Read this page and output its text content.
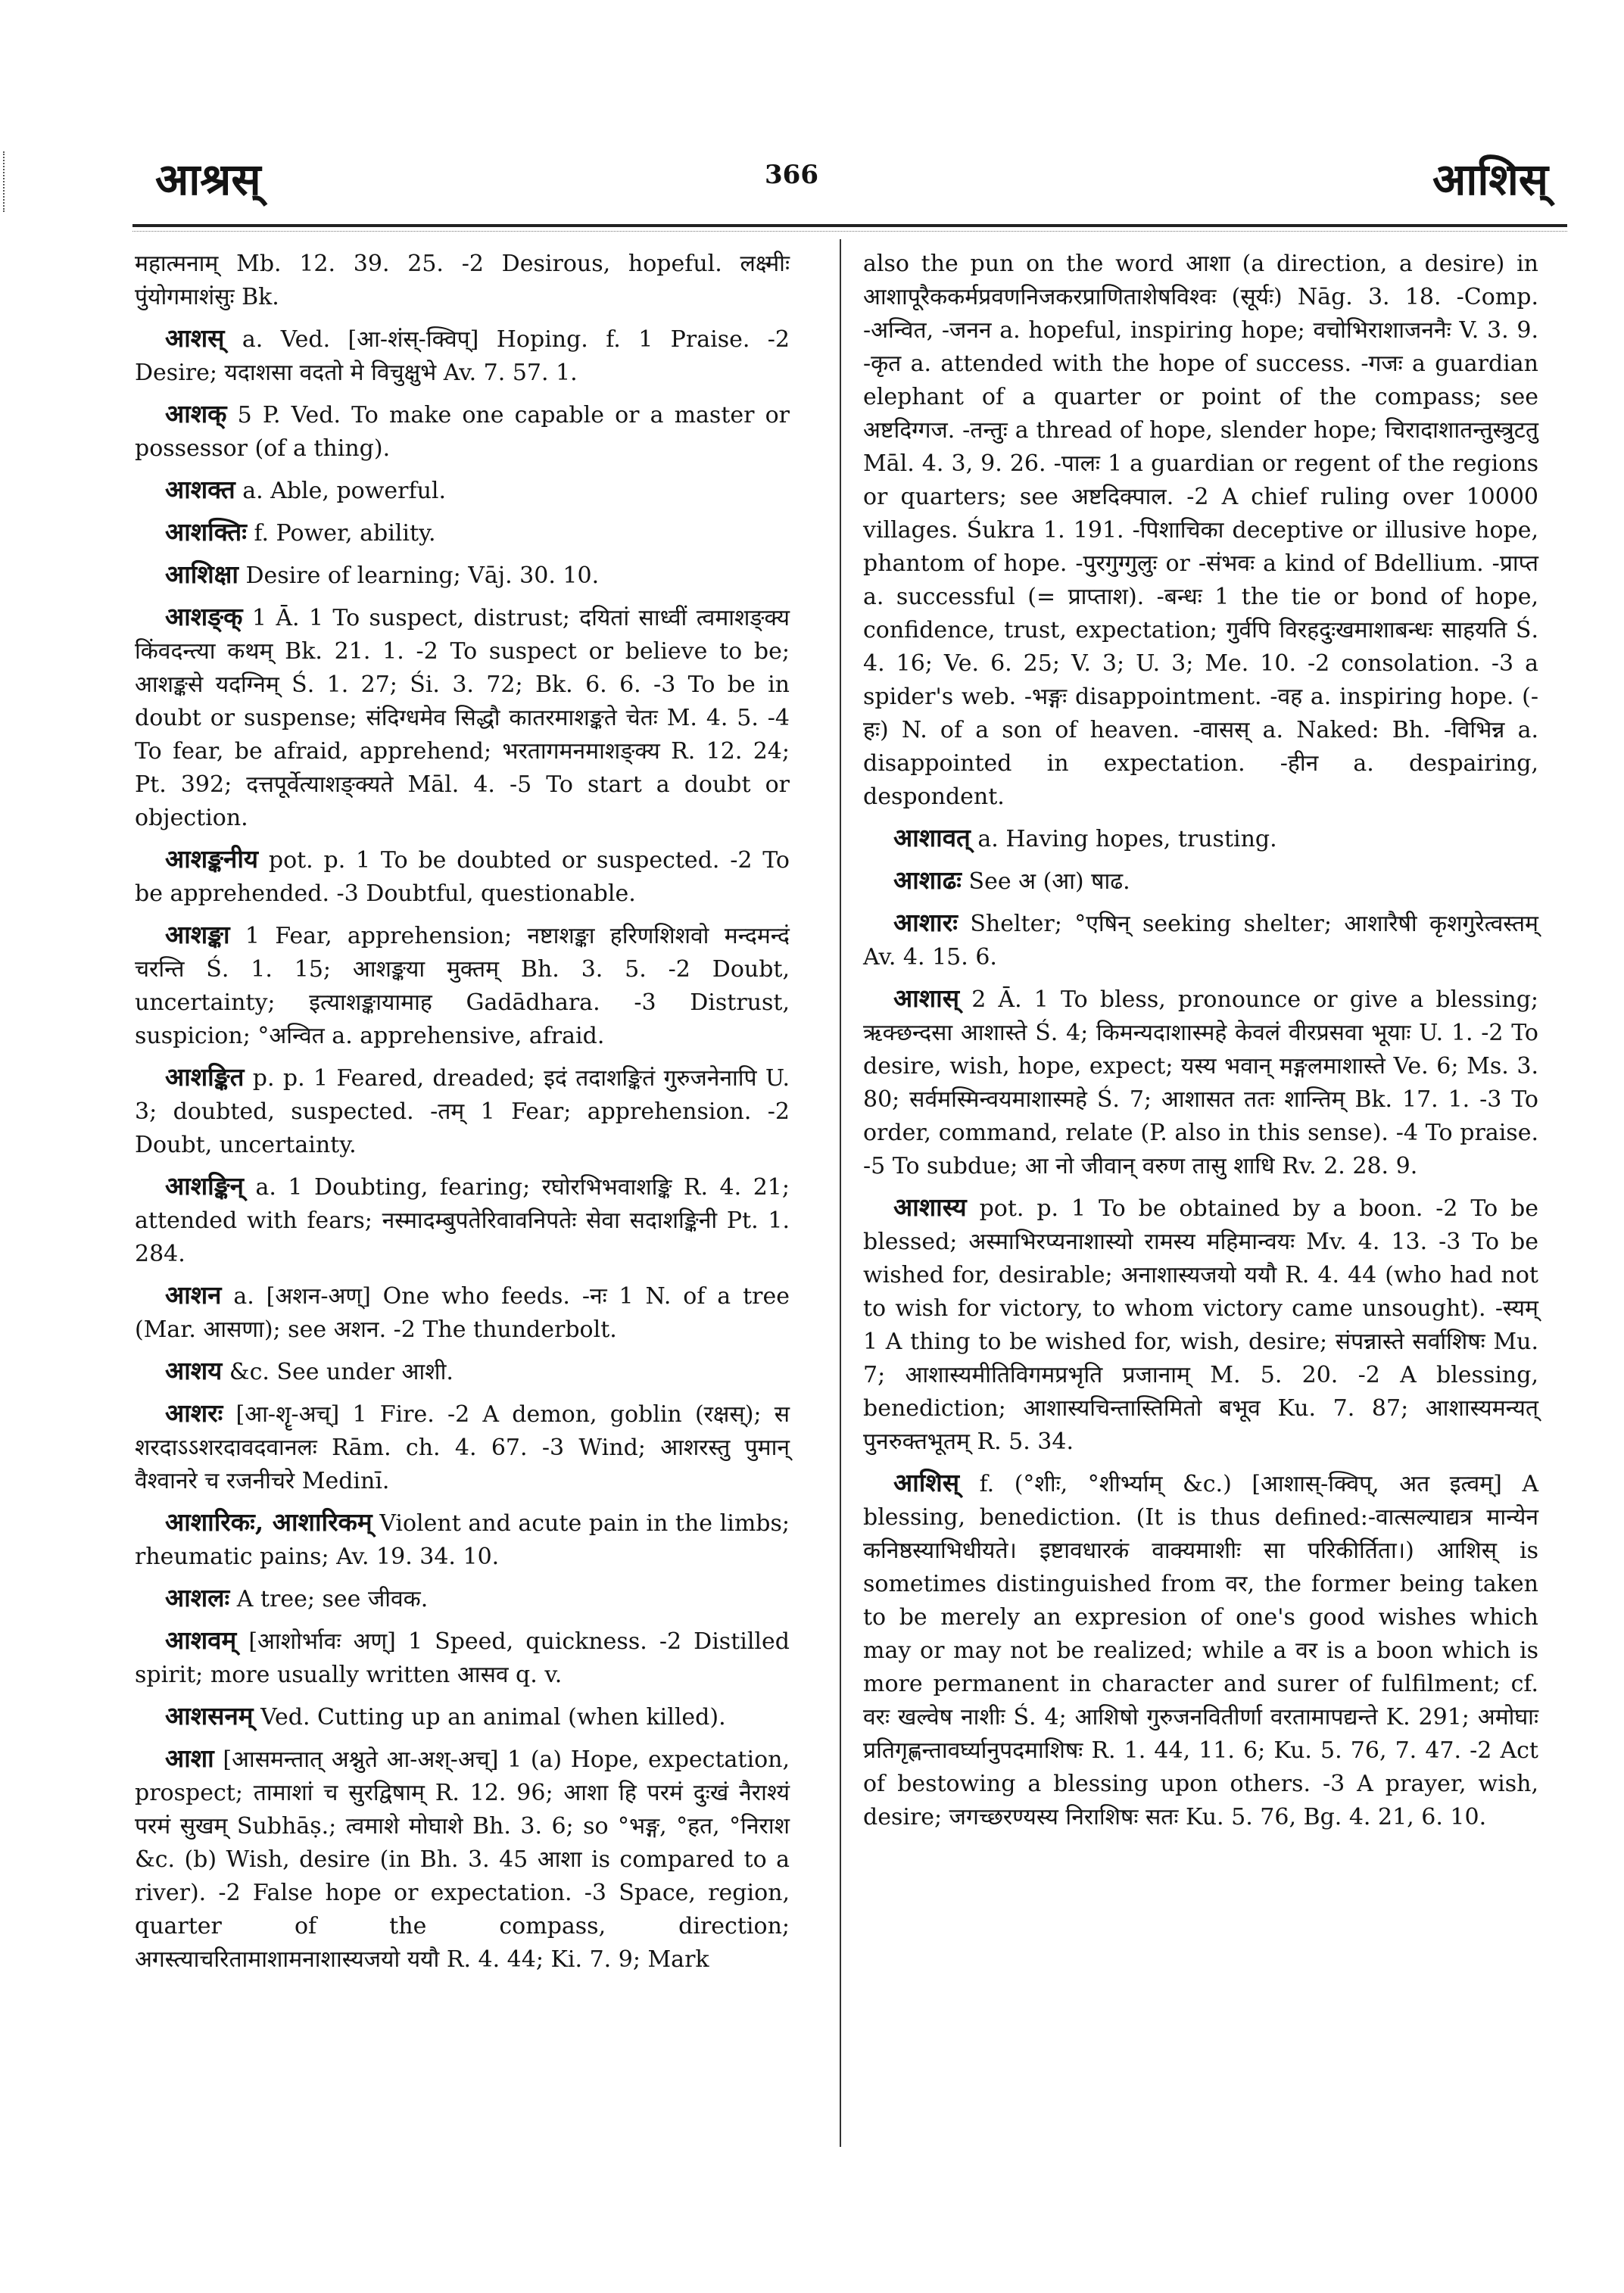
आश्रस्	366	आशिस्

महात्मनाम् Mb. 12. 39. 25. -2 Desirous, hopeful. लक्ष्मीः पुंयोगमाशंसुः Bk.

आशस् a. Ved. [आ-शंस्-क्विप्] Hoping. f. 1 Praise. -2 Desire; यदाशसा वदतो मे विचुक्षुभे Av. 7. 57. 1.

आशक् 5 P. Ved. To make one capable or a master or possessor (of a thing).

आशक्त a. Able, powerful.

आशक्तिः f. Power, ability.

आशिक्षा Desire of learning; Vāj. 30. 10.

आशङ्क् 1 Ā. 1 To suspect, distrust; दयितां साध्वीं त्वमाशङ्क्य किंवदन्त्या कथम् Bk. 21. 1. -2 To suspect or believe to be; आशङ्कसे यदग्निम् Ś. 1. 27; Śi. 3. 72; Bk. 6. 6. -3 To be in doubt or suspense; संदिग्धमेव सिद्धौ कातरमाशङ्कते चेतः M. 4. 5. -4 To fear, be afraid, apprehend; भरतागमनमाशङ्क्य R. 12. 24; Pt. 392; दत्तपूर्वेत्याशङ्क्यते Māl. 4. -5 To start a doubt or objection.

आशङ्कनीय pot. p. 1 To be doubted or suspected. -2 To be apprehended. -3 Doubtful, questionable.

आशङ्का 1 Fear, apprehension; नष्टाशङ्का हरिणशिशवो मन्दमन्दं चरन्ति Ś. 1. 15; आशङ्कया मुक्तम् Bh. 3. 5. -2 Doubt, uncertainty; इत्याशङ्कायामाह Gadādhara. -3 Distrust, suspicion; °अन्वित a. apprehensive, afraid.

आशङ्कित p. p. 1 Feared, dreaded; इदं तदाशङ्कितं गुरुजनेनापि U. 3; doubted, suspected. -तम् 1 Fear; apprehension. -2 Doubt, uncertainty.

आशङ्किन् a. 1 Doubting, fearing; रघोरभिभवाशङ्कि R. 4. 21; attended with fears; नस्मादम्बुपतेरिवावनिपतेः सेवा सदाशङ्किनी Pt. 1. 284.

आशन a. [अशन-अण्] One who feeds. -नः 1 N. of a tree (Mar. आसणा); see अशन. -2 The thunderbolt.

आशय &c. See under आशी.

आशरः [आ-शॄ-अच्] 1 Fire. -2 A demon, goblin (रक्षस्); स शरदाऽऽशरदावदवानलः Rām. ch. 4. 67. -3 Wind; आशरस्तु पुमान् वैश्वानरे च रजनीचरे Medinī.

आशारिकः, आशारिकम् Violent and acute pain in the limbs; rheumatic pains; Av. 19. 34. 10.

आशलः A tree; see जीवक.

आशवम् [आशोर्भावः अण्] 1 Speed, quickness. -2 Distilled spirit; more usually written आसव q. v.

आशसनम् Ved. Cutting up an animal (when killed).

आशा [आसमन्तात् अश्नुते आ-अश्-अच्] 1 (a) Hope, expectation, prospect; तामाशां च सुरद्विषाम् R. 12. 96; आशा हि परमं दुःखं नैराश्यं परमं सुखम् Subhāṣ.; त्वमाशे मोघाशे Bh. 3. 6; so °भङ्ग, °हत, °निराश &c. (b) Wish, desire (in Bh. 3. 45 आशा is compared to a river). -2 False hope or expectation. -3 Space, region, quarter of the compass, direction; अगस्त्याचरितामाशामनाशास्यजयो ययौ R. 4. 44; Ki. 7. 9; Mark

also the pun on the word आशा (a direction, a desire) in आशापूरैककर्मप्रवणनिजकरप्राणिताशेषविश्वः (सूर्यः) Nāg. 3. 18. -Comp. -अन्वित, -जनन a. hopeful, inspiring hope; वचोभिराशाजननैः V. 3. 9. -कृत a. attended with the hope of success. -गजः a guardian elephant of a quarter or point of the compass; see अष्टदिग्गज. -तन्तुः a thread of hope, slender hope; चिरादाशातन्तुस्त्रुटतु Māl. 4. 3, 9. 26. -पालः 1 a guardian or regent of the regions or quarters; see अष्टदिक्पाल. -2 A chief ruling over 10000 villages. Śukra 1. 191. -पिशाचिका deceptive or illusive hope, phantom of hope. -पुरगुग्गुलुः or -संभवः a kind of Bdellium. -प्राप्त a. successful (= प्राप्ताश). -बन्धः 1 the tie or bond of hope, confidence, trust, expectation; गुर्वपि विरहदुःखमाशाबन्धः साहयति Ś. 4. 16; Ve. 6. 25; V. 3; U. 3; Me. 10. -2 consolation. -3 a spider's web. -भङ्गः disappointment. -वह a. inspiring hope. (-हः) N. of a son of heaven. -वासस् a. Naked: Bh. -विभिन्न a. disappointed in expectation. -हीन a. despairing, despondent.

आशावत् a. Having hopes, trusting.

आशाढः See अ (आ) षाढ.

आशारः Shelter; °एषिन् seeking shelter; आशारैषी कृशगुरेत्वस्तम् Av. 4. 15. 6.

आशास् 2 Ā. 1 To bless, pronounce or give a blessing; ऋक्छन्दसा आशास्ते Ś. 4; किमन्यदाशास्महे केवलं वीरप्रसवा भूयाः U. 1. -2 To desire, wish, hope, expect; यस्य भवान् मङ्गलमाशास्ते Ve. 6; Ms. 3. 80; सर्वमस्मिन्वयमाशास्महे Ś. 7; आशासत ततः शान्तिम् Bk. 17. 1. -3 To order, command, relate (P. also in this sense). -4 To praise. -5 To subdue; आ नो जीवान् वरुण तासु शाधि Rv. 2. 28. 9.

आशास्य pot. p. 1 To be obtained by a boon. -2 To be blessed; अस्माभिरप्यनाशास्यो रामस्य महिमान्वयः Mv. 4. 13. -3 To be wished for, desirable; अनाशास्यजयो ययौ R. 4. 44 (who had not to wish for victory, to whom victory came unsought). -स्यम् 1 A thing to be wished for, wish, desire; संपन्नास्ते सर्वाशिषः Mu. 7; आशास्यमीतिविगमप्रभृति प्रजानाम् M. 5. 20. -2 A blessing, benediction; आशास्यचिन्तास्तिमितो बभूव Ku. 7. 87; आशास्यमन्यत् पुनरुक्तभूतम् R. 5. 34.

आशिस् f. (°शीः, °शीर्भ्याम् &c.) [आशास्-क्विप्, अत इत्वम्] A blessing, benediction. (It is thus defined:-वात्सल्याद्यत्र मान्येन कनिष्ठस्याभिधीयते। इष्टावधारकं वाक्यमाशीः सा परिकीर्तिता।) आशिस् is sometimes distinguished from वर, the former being taken to be merely an expresion of one's good wishes which may or may not be realized; while a वर is a boon which is more permanent in character and surer of fulfilment; cf. वरः खल्वेष नाशीः Ś. 4; आशिषो गुरुजनवितीर्णा वरतामापद्यन्ते K. 291; अमोघाः प्रतिगृह्णन्तावर्घ्यानुपदमाशिषः R. 1. 44, 11. 6; Ku. 5. 76, 7. 47. -2 Act of bestowing a blessing upon others. -3 A prayer, wish, desire; जगच्छरण्यस्य निराशिषः सतः Ku. 5. 76, Bg. 4. 21, 6. 10.
